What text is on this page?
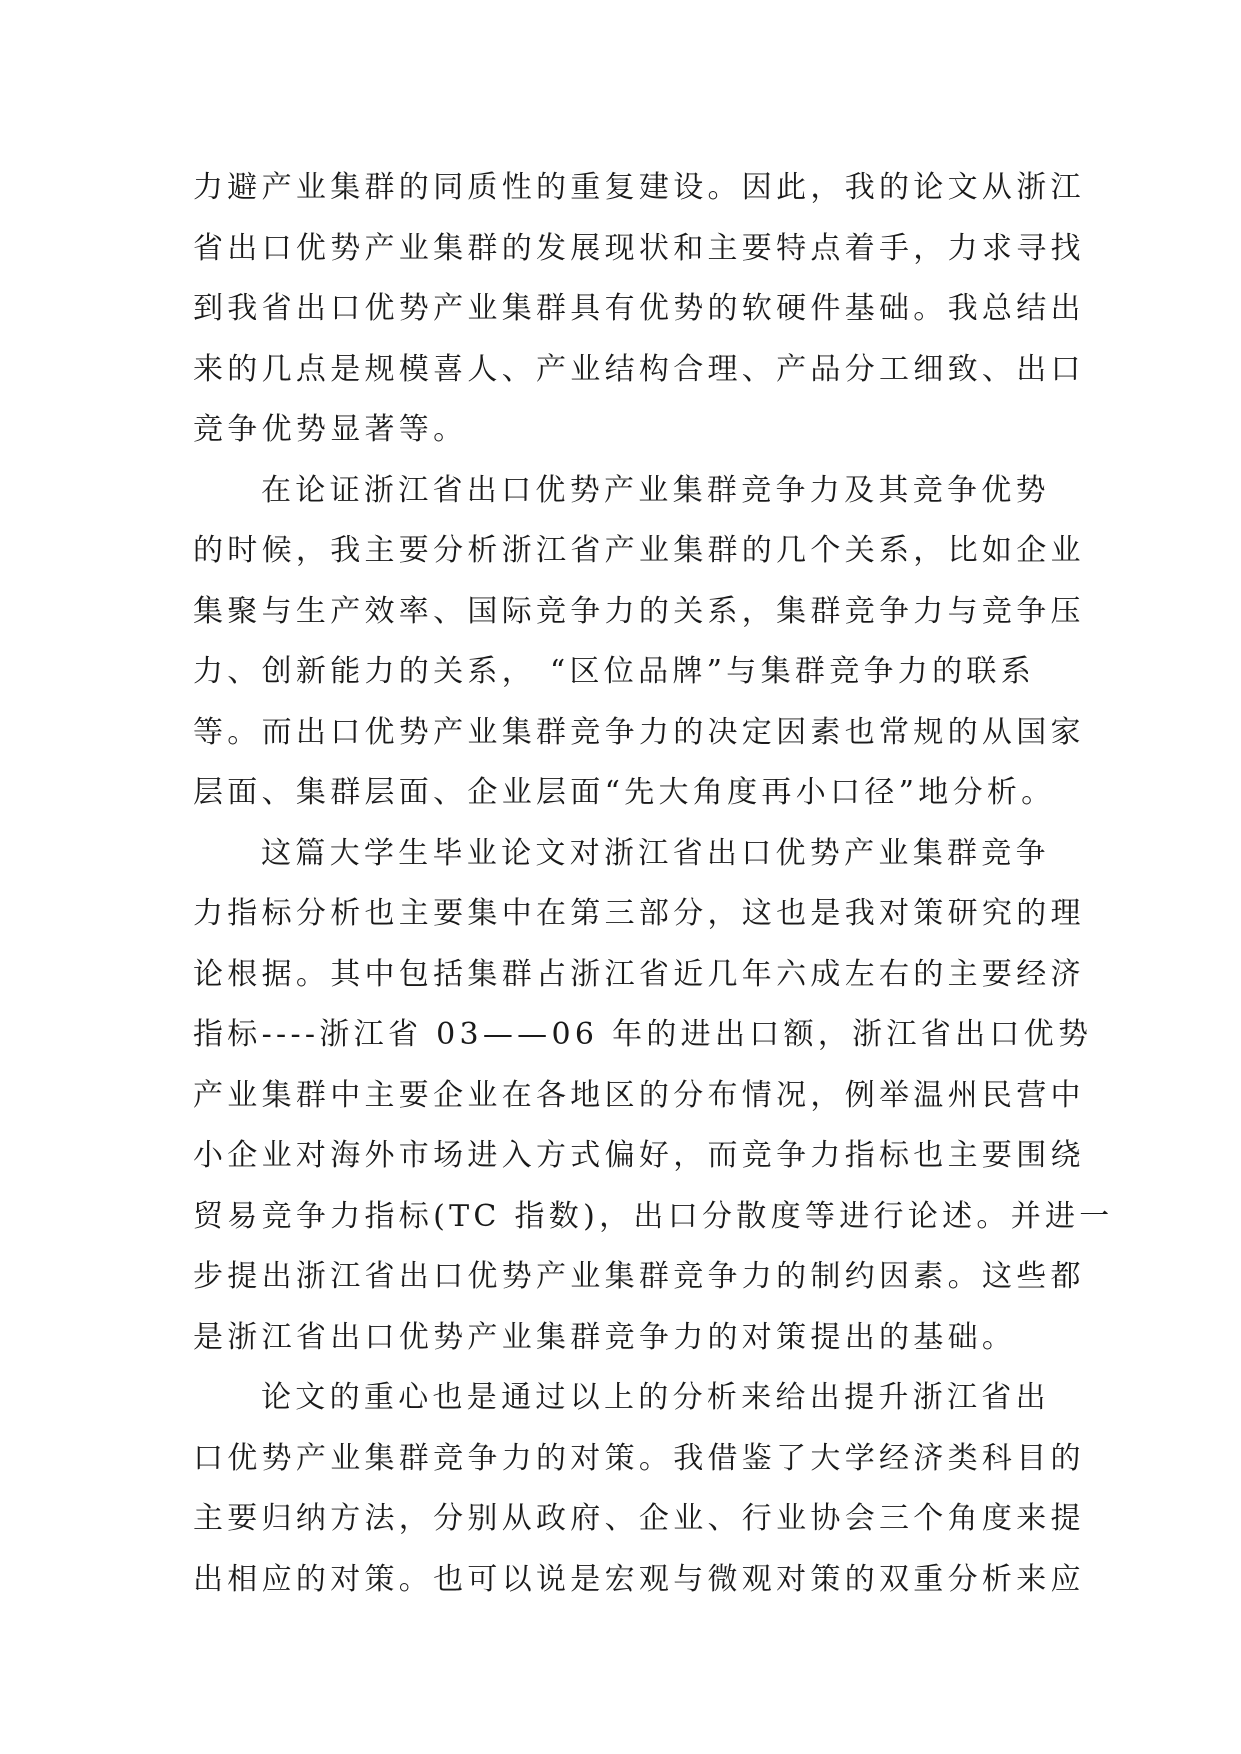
力避产业集群的同质性的重复建设。因此，我的论文从浙江
省出口优势产业集群的发展现状和主要特点着手，力求寻找
到我省出口优势产业集群具有优势的软硬件基础。我总结出
来的几点是规模喜人、产业结构合理、产品分工细致、出口
竞争优势显著等。
在论证浙江省出口优势产业集群竞争力及其竞争优势
的时候，我主要分析浙江省产业集群的几个关系，比如企业
集聚与生产效率、国际竞争力的关系，集群竞争力与竞争压
力、创新能力的关系， “区位品牌”与集群竞争力的联系
等。而出口优势产业集群竞争力的决定因素也常规的从国家
层面、集群层面、企业层面“先大角度再小口径”地分析。
这篇大学生毕业论文对浙江省出口优势产业集群竞争
力指标分析也主要集中在第三部分，这也是我对策研究的理
论根据。其中包括集群占浙江省近几年六成左右的主要经济
指标----浙江省 03——06 年的进出口额，浙江省出口优势
产业集群中主要企业在各地区的分布情况，例举温州民营中
小企业对海外市场进入方式偏好，而竞争力指标也主要围绕
贸易竞争力指标(TC 指数)，出口分散度等进行论述。并进一
步提出浙江省出口优势产业集群竞争力的制约因素。这些都
是浙江省出口优势产业集群竞争力的对策提出的基础。
论文的重心也是通过以上的分析来给出提升浙江省出
口优势产业集群竞争力的对策。我借鉴了大学经济类科目的
主要归纳方法，分别从政府、企业、行业协会三个角度来提
出相应的对策。也可以说是宏观与微观对策的双重分析来应
